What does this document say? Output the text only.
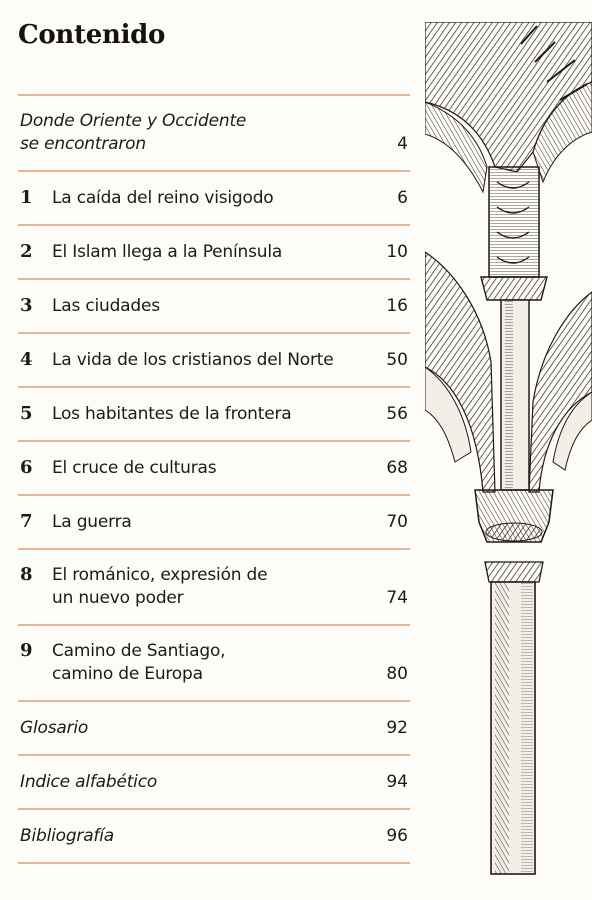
Contenido
Donde Oriente y Occidente
se encontraron	4
1	La caída del reino visigodo	6
2	El Islam llega a la Península	10
3	Las ciudades	16
4	La vida de los cristianos del Norte	50
5	Los habitantes de la frontera	56
6	El cruce de culturas	68
7	La guerra	70
8	El románico, expresión de
un nuevo poder	74
9	Camino de Santiago,
camino de Europa	80
Glosario	92
Indice alfabético	94
Bibliografía	96
